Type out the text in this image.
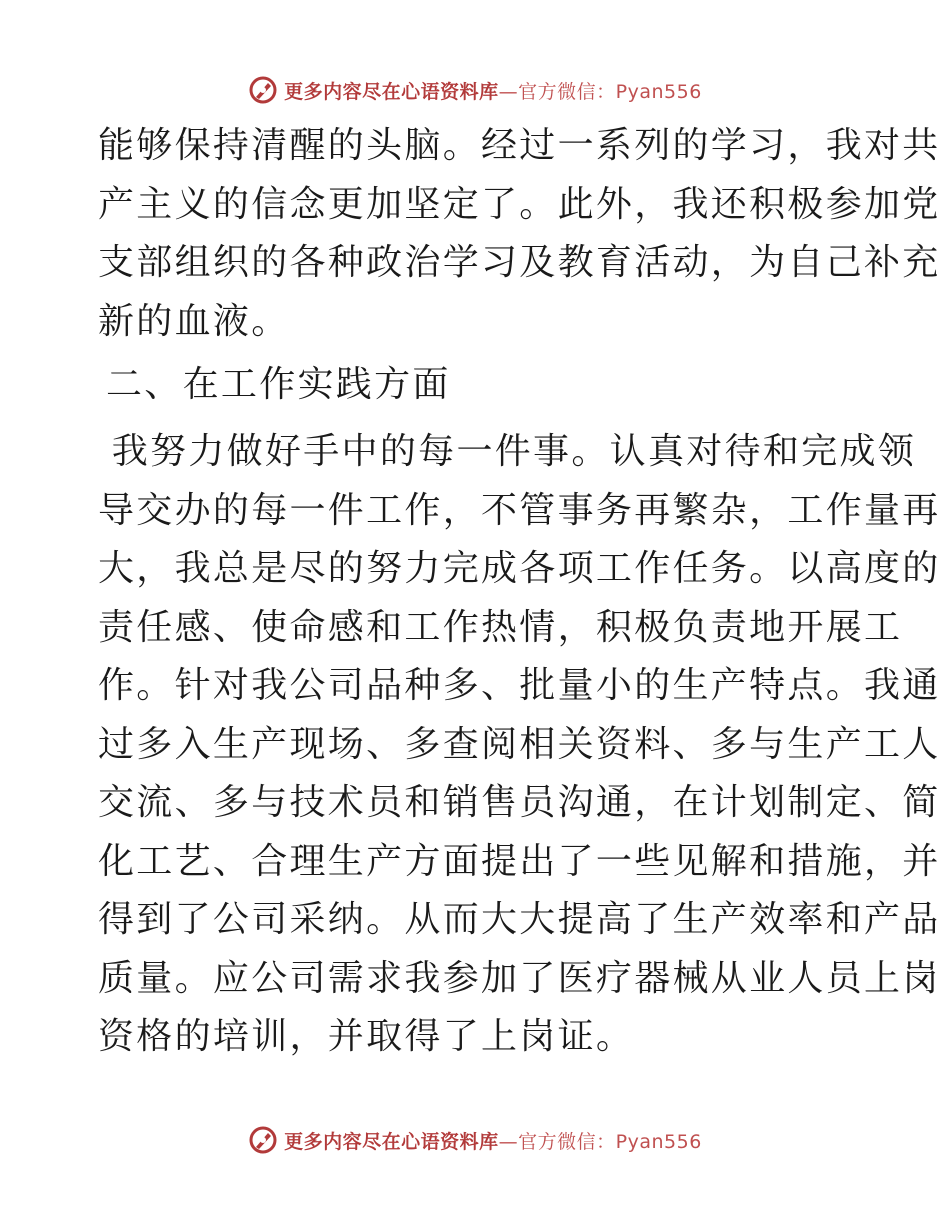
更多内容尽在心语资料库 —官方微信：Pyan556

能够保持清醒的头脑。经过一系列的学习，我对共
产主义的信念更加坚定了。此外，我还积极参加党
支部组织的各种政治学习及教育活动，为自己补充
新的血液。

二、在工作实践方面

我努力做好手中的每一件事。认真对待和完成领
导交办的每一件工作，不管事务再繁杂，工作量再
大，我总是尽的努力完成各项工作任务。以高度的
责任感、使命感和工作热情，积极负责地开展工
作。针对我公司品种多、批量小的生产特点。我通
过多入生产现场、多查阅相关资料、多与生产工人
交流、多与技术员和销售员沟通，在计划制定、简
化工艺、合理生产方面提出了一些见解和措施，并
得到了公司采纳。从而大大提高了生产效率和产品
质量。应公司需求我参加了医疗器械从业人员上岗
资格的培训，并取得了上岗证。

更多内容尽在心语资料库 —官方微信：Pyan556
